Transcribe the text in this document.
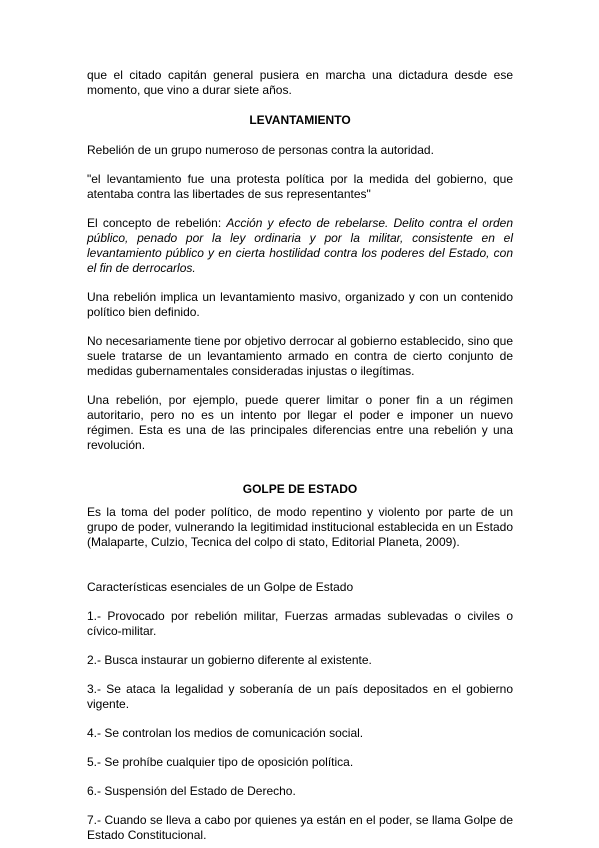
que el citado capitán general pusiera en marcha una dictadura desde ese momento, que vino a durar siete años.

LEVANTAMIENTO

Rebelión de un grupo numeroso de personas contra la autoridad.

"el levantamiento fue una protesta política por la medida del gobierno, que atentaba contra las libertades de sus representantes"

El concepto de rebelión: Acción y efecto de rebelarse. Delito contra el orden público, penado por la ley ordinaria y por la militar, consistente en el levantamiento público y en cierta hostilidad contra los poderes del Estado, con el fin de derrocarlos.

Una rebelión implica un levantamiento masivo, organizado y con un contenido político bien definido.

No necesariamente tiene por objetivo derrocar al gobierno establecido, sino que suele tratarse de un levantamiento armado en contra de cierto conjunto de medidas gubernamentales consideradas injustas o ilegítimas.

Una rebelión, por ejemplo, puede querer limitar o poner fin a un régimen autoritario, pero no es un intento por llegar el poder e imponer un nuevo régimen. Esta es una de las principales diferencias entre una rebelión y una revolución.

GOLPE DE ESTADO

Es la toma del poder político, de modo repentino y violento por parte de un grupo de poder, vulnerando la legitimidad institucional establecida en un Estado (Malaparte, Culzio, Tecnica del colpo di stato, Editorial Planeta, 2009).

Características esenciales de un Golpe de Estado

1.- Provocado por rebelión militar, Fuerzas armadas sublevadas o civiles o cívico-militar.

2.- Busca instaurar un gobierno diferente al existente.

3.- Se ataca la legalidad y soberanía de un país depositados en el gobierno vigente.

4.- Se controlan los medios de comunicación social.

5.- Se prohíbe cualquier tipo de oposición política.

6.- Suspensión del Estado de Derecho.

7.- Cuando se lleva a cabo por quienes ya están en el poder, se llama Golpe de Estado Constitucional.
